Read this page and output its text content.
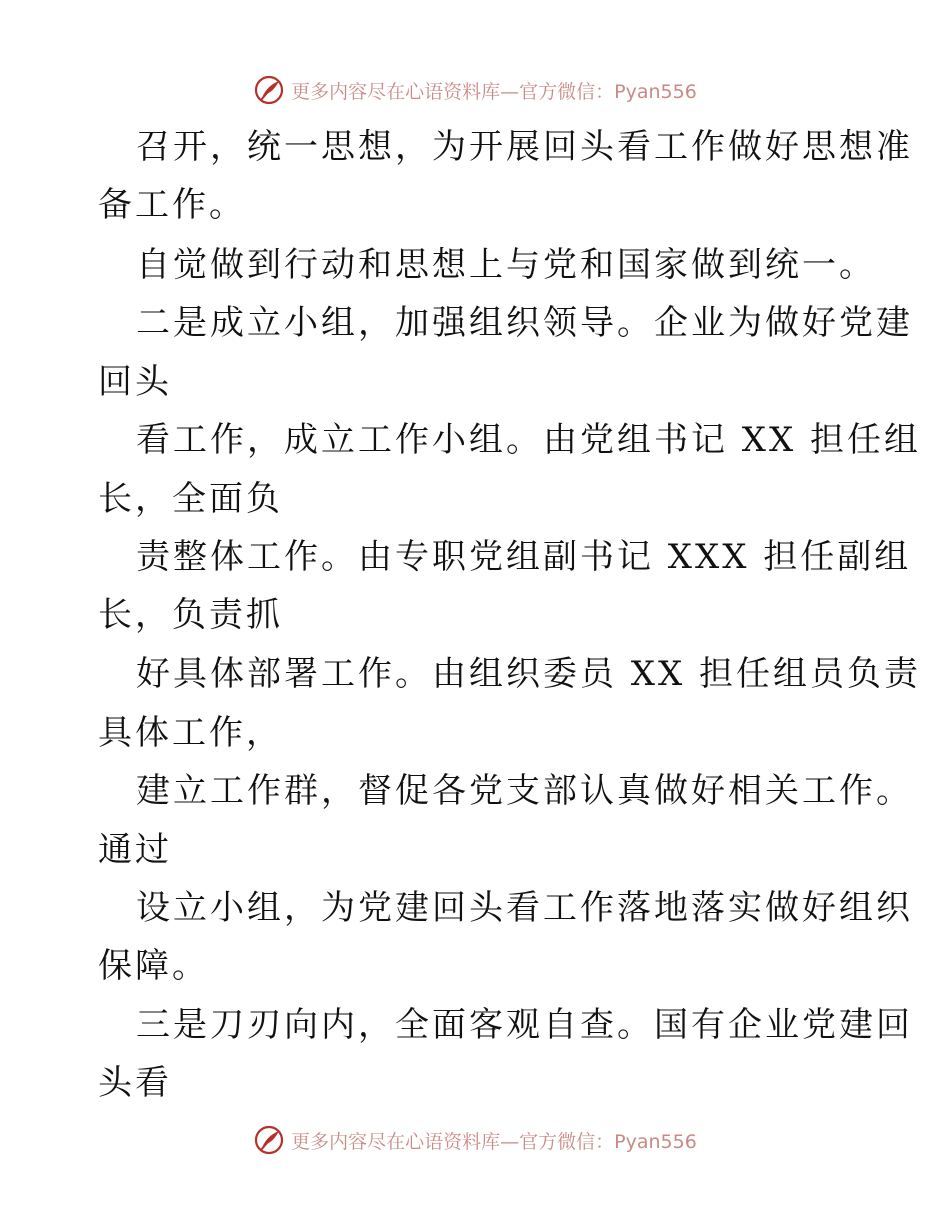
更多内容尽在心语资料库—官方微信：Pyan556
召开，统一思想，为开展回头看工作做好思想准
备工作。
自觉做到行动和思想上与党和国家做到统一。
二是成立小组，加强组织领导。企业为做好党建
回头
看工作，成立工作小组。由党组书记 XX 担任组
长，全面负
责整体工作。由专职党组副书记 XXX 担任副组
长，负责抓
好具体部署工作。由组织委员 XX 担任组员负责
具体工作，
建立工作群，督促各党支部认真做好相关工作。
通过
设立小组，为党建回头看工作落地落实做好组织
保障。
三是刀刃向内，全面客观自查。国有企业党建回
头看
更多内容尽在心语资料库—官方微信：Pyan556
